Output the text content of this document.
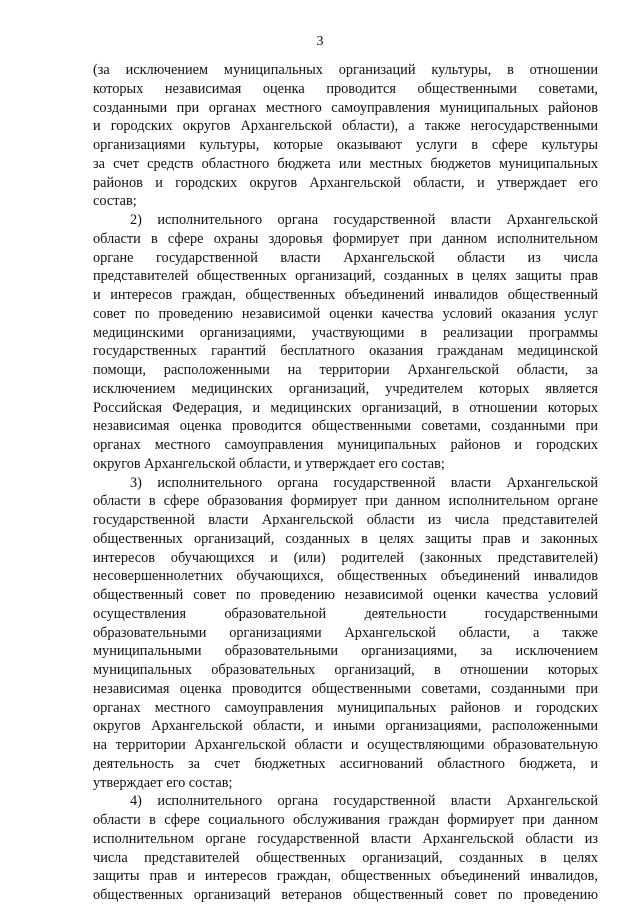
3
(за исключением муниципальных организаций культуры, в отношении
которых независимая оценка проводится общественными советами,
созданными при органах местного самоуправления муниципальных районов
и городских округов Архангельской области), а также негосударственными
организациями культуры, которые оказывают услуги в сфере культуры
за счет средств областного бюджета или местных бюджетов муниципальных
районов и городских округов Архангельской области, и утверждает его
состав;
2) исполнительного органа государственной власти Архангельской
области в сфере охраны здоровья формирует при данном исполнительном
органе государственной власти Архангельской области из числа
представителей общественных организаций, созданных в целях защиты прав
и интересов граждан, общественных объединений инвалидов общественный
совет по проведению независимой оценки качества условий оказания услуг
медицинскими организациями, участвующими в реализации программы
государственных гарантий бесплатного оказания гражданам медицинской
помощи, расположенными на территории Архангельской области, за
исключением медицинских организаций, учредителем которых является
Российская Федерация, и медицинских организаций, в отношении которых
независимая оценка проводится общественными советами, созданными при
органах местного самоуправления муниципальных районов и городских
округов Архангельской области, и утверждает его состав;
3) исполнительного органа государственной власти Архангельской
области в сфере образования формирует при данном исполнительном органе
государственной власти Архангельской области из числа представителей
общественных организаций, созданных в целях защиты прав и законных
интересов обучающихся и (или) родителей (законных представителей)
несовершеннолетних обучающихся, общественных объединений инвалидов
общественный совет по проведению независимой оценки качества условий
осуществления образовательной деятельности государственными
образовательными организациями Архангельской области, а также
муниципальными образовательными организациями, за исключением
муниципальных образовательных организаций, в отношении которых
независимая оценка проводится общественными советами, созданными при
органах местного самоуправления муниципальных районов и городских
округов Архангельской области, и иными организациями, расположенными
на территории Архангельской области и осуществляющими образовательную
деятельность за счет бюджетных ассигнований областного бюджета, и
утверждает его состав;
4) исполнительного органа государственной власти Архангельской
области в сфере социального обслуживания граждан формирует при данном
исполнительном органе государственной власти Архангельской области из
числа представителей общественных организаций, созданных в целях
защиты прав и интересов граждан, общественных объединений инвалидов,
общественных организаций ветеранов общественный совет по проведению
